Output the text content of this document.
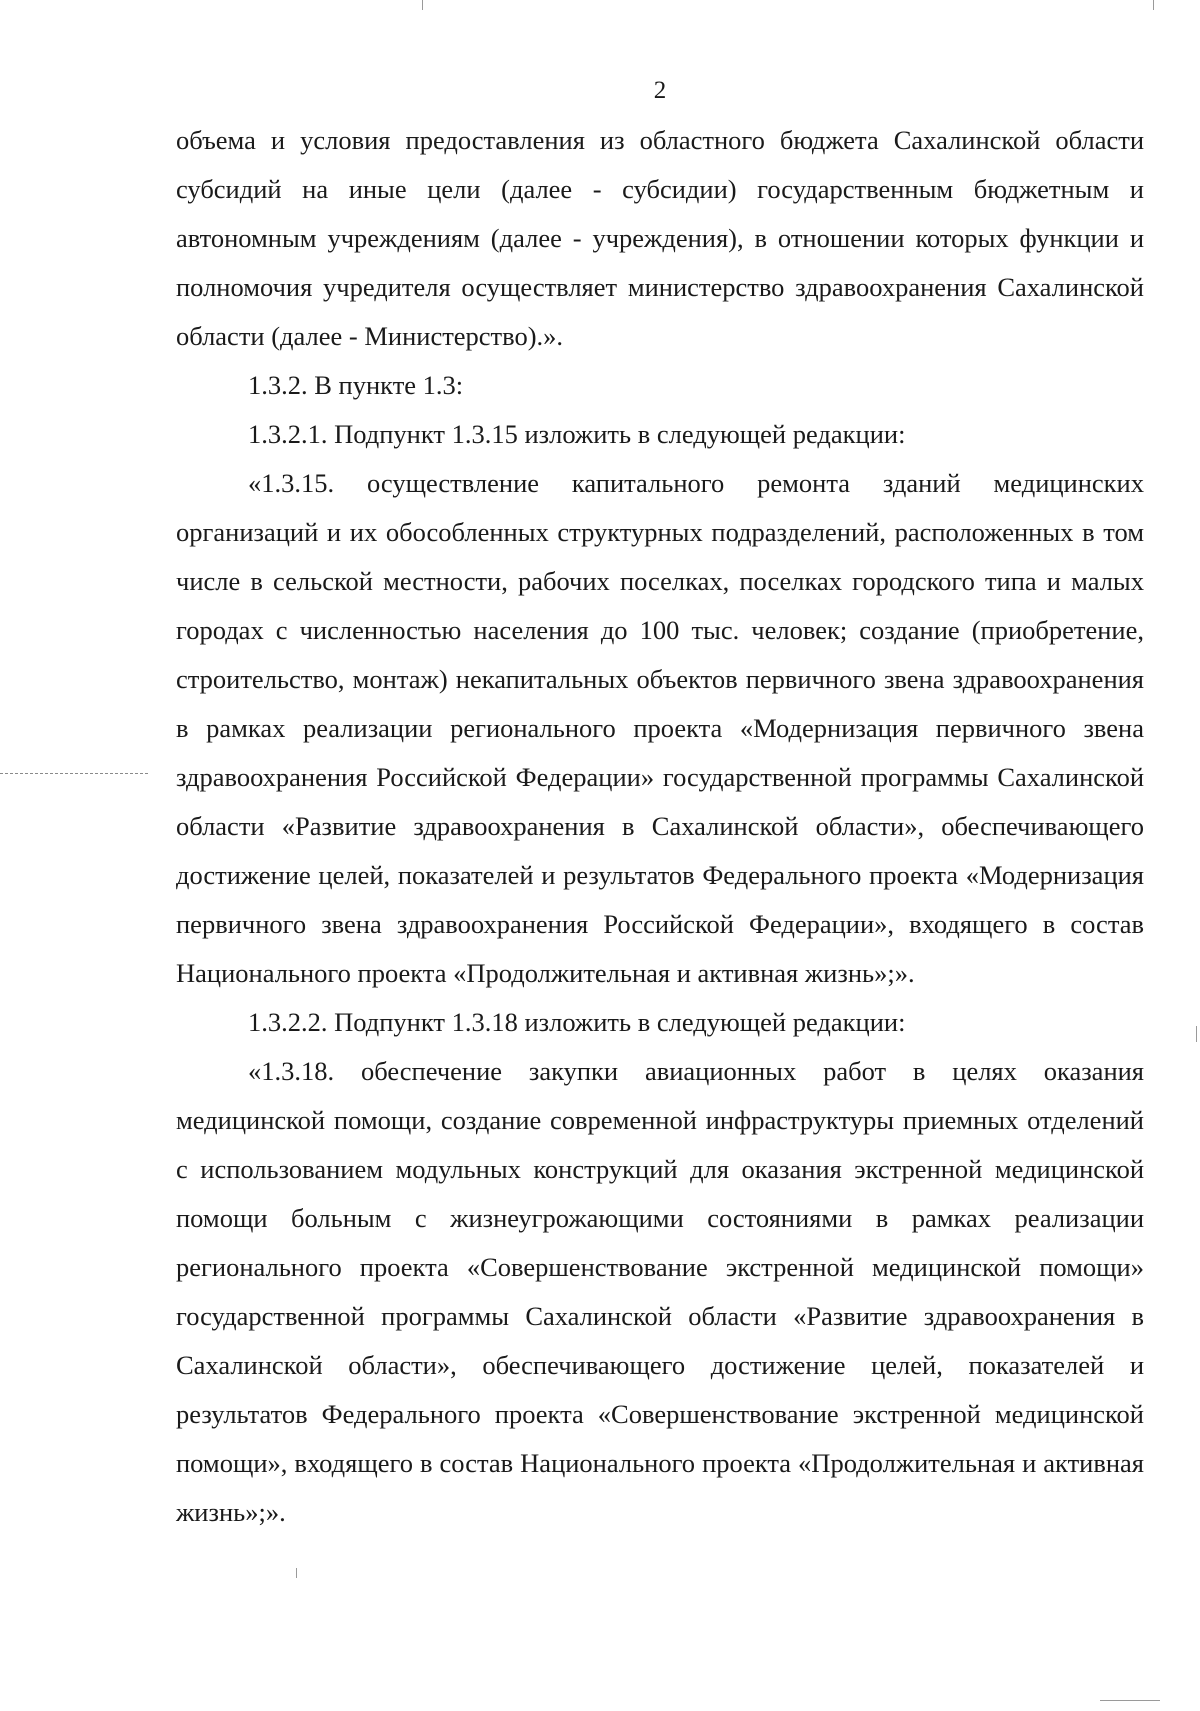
2

объема и условия предоставления из областного бюджета Сахалинской области субсидий на иные цели (далее - субсидии) государственным бюджетным и автономным учреждениям (далее - учреждения), в отношении которых функции и полномочия учредителя осуществляет министерство здравоохранения Сахалинской области (далее - Министерство).».

1.3.2. В пункте 1.3:

1.3.2.1. Подпункт 1.3.15 изложить в следующей редакции:

«1.3.15. осуществление капитального ремонта зданий медицинских организаций и их обособленных структурных подразделений, расположенных в том числе в сельской местности, рабочих поселках, поселках городского типа и малых городах с численностью населения до 100 тыс. человек; создание (приобретение, строительство, монтаж) некапитальных объектов первичного звена здравоохранения в рамках реализации регионального проекта «Модернизация первичного звена здравоохранения Российской Федерации» государственной программы Сахалинской области «Развитие здравоохранения в Сахалинской области», обеспечивающего достижение целей, показателей и результатов Федерального проекта «Модернизация первичного звена здравоохранения Российской Федерации», входящего в состав Национального проекта «Продолжительная и активная жизнь»;».

1.3.2.2. Подпункт 1.3.18 изложить в следующей редакции:

«1.3.18. обеспечение закупки авиационных работ в целях оказания медицинской помощи, создание современной инфраструктуры приемных отделений с использованием модульных конструкций для оказания экстренной медицинской помощи больным с жизнеугрожающими состояниями в рамках реализации регионального проекта «Совершенствование экстренной медицинской помощи» государственной программы Сахалинской области «Развитие здравоохранения в Сахалинской области», обеспечивающего достижение целей, показателей и результатов Федерального проекта «Совершенствование экстренной медицинской помощи», входящего в состав Национального проекта «Продолжительная и активная жизнь»;».
